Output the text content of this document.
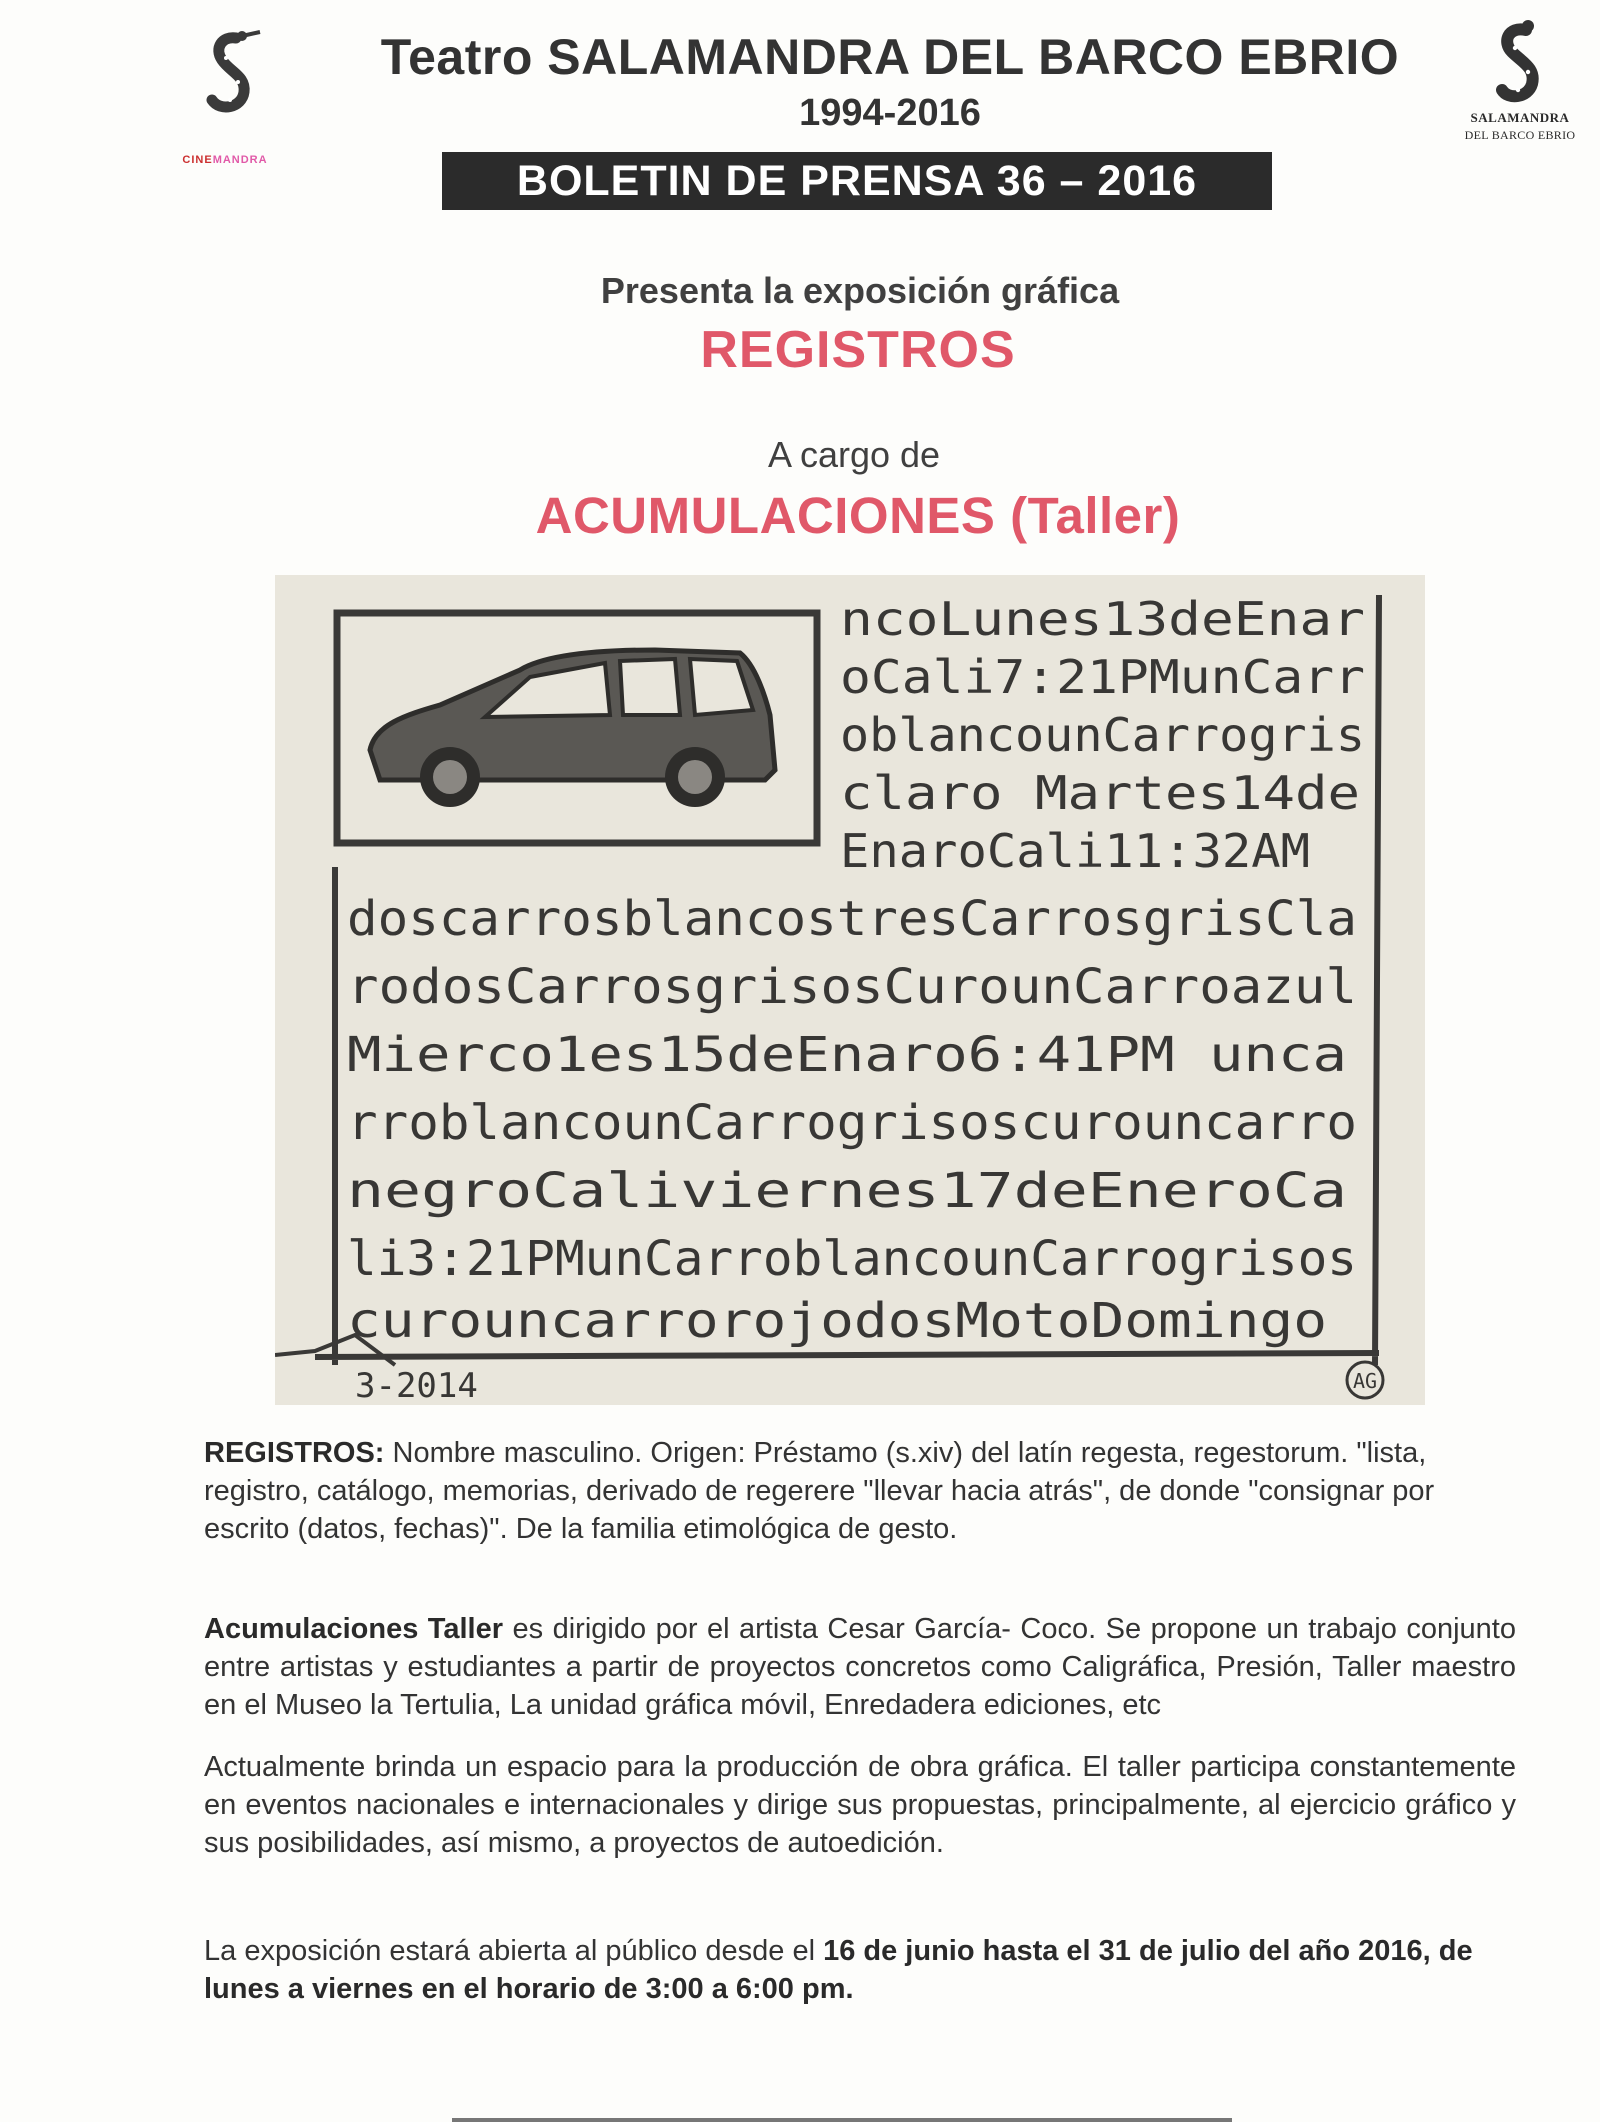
CINEMANDRA
SALAMANDRA
DEL BARCO EBRIO
Teatro SALAMANDRA DEL BARCO EBRIO
1994-2016
BOLETIN DE PRENSA 36 – 2016
Presenta la exposición gráfica
REGISTROS
A cargo de
ACUMULACIONES (Taller)
ncoLunes13deEnar
oCali7:21PMunCarr
oblancounCarrogris
claro Martes14de
EnaroCali11:32AM
doscarrosblancostresCarrosgrisCla
rodosCarrosgrisosCurounCarroazul
Mierco1es15deEnaro6:41PM unca
rroblancounCarrogrisoscurouncarro
negroCaliviernes17deEneroCa
li3:21PMunCarroblancounCarrogrisos
curouncarrorojodosMotoDomingo
3-2014	AG
REGISTROS: Nombre masculino. Origen: Préstamo (s.xiv) del latín regesta, regestorum. "lista, registro, catálogo, memorias, derivado de regerere "llevar hacia atrás", de donde "consignar por escrito (datos, fechas)". De la familia etimológica de gesto.
Acumulaciones Taller es dirigido por el artista Cesar García- Coco. Se propone un trabajo conjunto entre artistas y estudiantes a partir de proyectos concretos como Caligráfica, Presión, Taller maestro en el Museo la Tertulia, La unidad gráfica móvil, Enredadera ediciones, etc
Actualmente brinda un espacio para la producción de obra gráfica. El taller participa constantemente en eventos nacionales e internacionales y dirige sus propuestas, principalmente, al ejercicio gráfico y sus posibilidades, así mismo, a proyectos de autoedición.
La exposición estará abierta al público desde el 16 de junio hasta el 31 de julio del año 2016, de lunes a viernes en el horario de 3:00 a 6:00 pm.
